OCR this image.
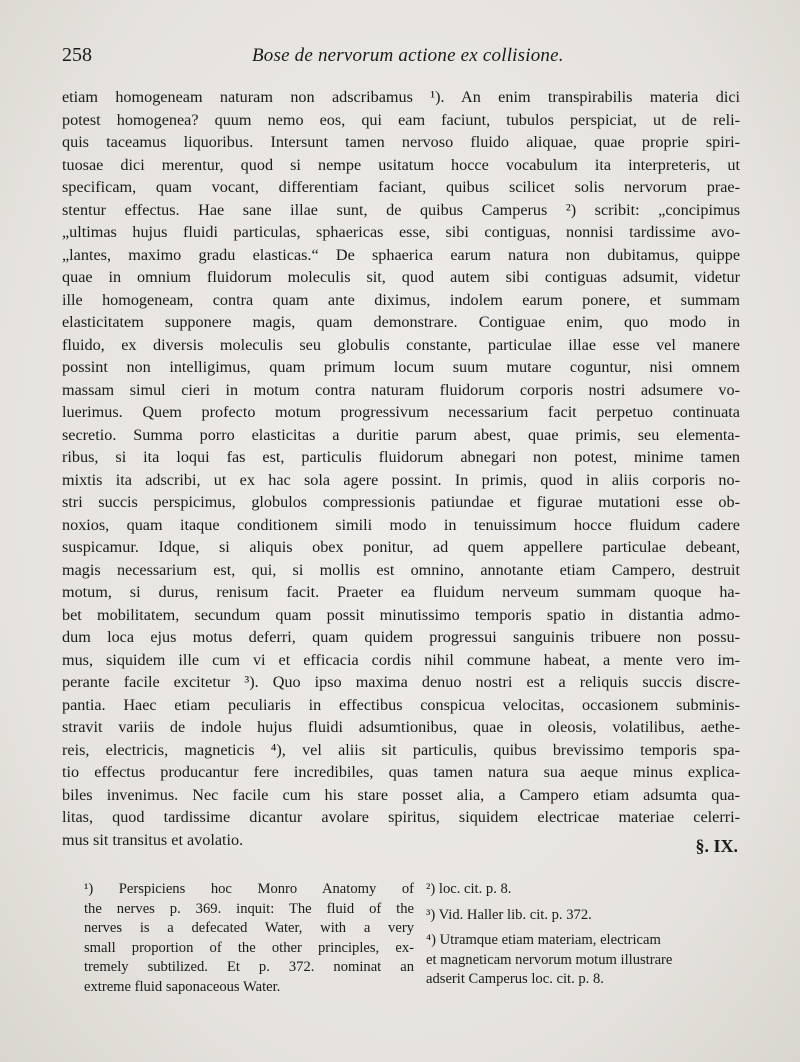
258	Bose de nervorum actione ex collisione.
etiam homogeneam naturam non adscribamus ¹). An enim transpirabilis materia dici
potest homogenea? quum nemo eos, qui eam faciunt, tubulos perspiciat, ut de reli-
quis taceamus liquoribus. Intersunt tamen nervoso fluido aliquae, quae proprie spiri-
tuosae dici merentur, quod si nempe usitatum hocce vocabulum ita interpreteris, ut
specificam, quam vocant, differentiam faciant, quibus scilicet solis nervorum prae-
stentur effectus. Hae sane illae sunt, de quibus Camperus ²) scribit: „concipimus
„ultimas hujus fluidi particulas, sphaericas esse, sibi contiguas, nonnisi tardissime avo-
„lantes, maximo gradu elasticas.“ De sphaerica earum natura non dubitamus, quippe
quae in omnium fluidorum moleculis sit, quod autem sibi contiguas adsumit, videtur
ille homogeneam, contra quam ante diximus, indolem earum ponere, et summam
elasticitatem supponere magis, quam demonstrare. Contiguae enim, quo modo in
fluido, ex diversis moleculis seu globulis constante, particulae illae esse vel manere
possint non intelligimus, quam primum locum suum mutare coguntur, nisi omnem
massam simul cieri in motum contra naturam fluidorum corporis nostri adsumere vo-
luerimus. Quem profecto motum progressivum necessarium facit perpetuo continuata
secretio. Summa porro elasticitas a duritie parum abest, quae primis, seu elementa-
ribus, si ita loqui fas est, particulis fluidorum abnegari non potest, minime tamen
mixtis ita adscribi, ut ex hac sola agere possint. In primis, quod in aliis corporis no-
stri succis perspicimus, globulos compressionis patiundae et figurae mutationi esse ob-
noxios, quam itaque conditionem simili modo in tenuissimum hocce fluidum cadere
suspicamur. Idque, si aliquis obex ponitur, ad quem appellere particulae debeant,
magis necessarium est, qui, si mollis est omnino, annotante etiam Campero, destruit
motum, si durus, renisum facit. Praeter ea fluidum nerveum summam quoque ha-
bet mobilitatem, secundum quam possit minutissimo temporis spatio in distantia admo-
dum loca ejus motus deferri, quam quidem progressui sanguinis tribuere non possu-
mus, siquidem ille cum vi et efficacia cordis nihil commune habeat, a mente vero im-
perante facile excitetur ³). Quo ipso maxima denuo nostri est a reliquis succis discre-
pantia. Haec etiam peculiaris in effectibus conspicua velocitas, occasionem subminis-
stravit variis de indole hujus fluidi adsumtionibus, quae in oleosis, volatilibus, aethe-
reis, electricis, magneticis ⁴), vel aliis sit particulis, quibus brevissimo temporis spa-
tio effectus producantur fere incredibiles, quas tamen natura sua aeque minus explica-
biles invenimus. Nec facile cum his stare posset alia, a Campero etiam adsumta qua-
litas, quod tardissime dicantur avolare spiritus, siquidem electricae materiae celerri-
mus sit transitus et avolatio.	§. IX.
¹) Perspiciens hoc Monro Anatomy of
the nerves p. 369. inquit: The fluid of the
nerves is a defecated Water, with a very
small proportion of the other principles, ex-
tremely subtilized. Et p. 372. nominat an
extreme fluid saponaceous Water.
²) loc. cit. p. 8.
³) Vid. Haller lib. cit. p. 372.
⁴) Utramque etiam materiam, electricam
et magneticam nervorum motum illustrare
adserit Camperus loc. cit. p. 8.
